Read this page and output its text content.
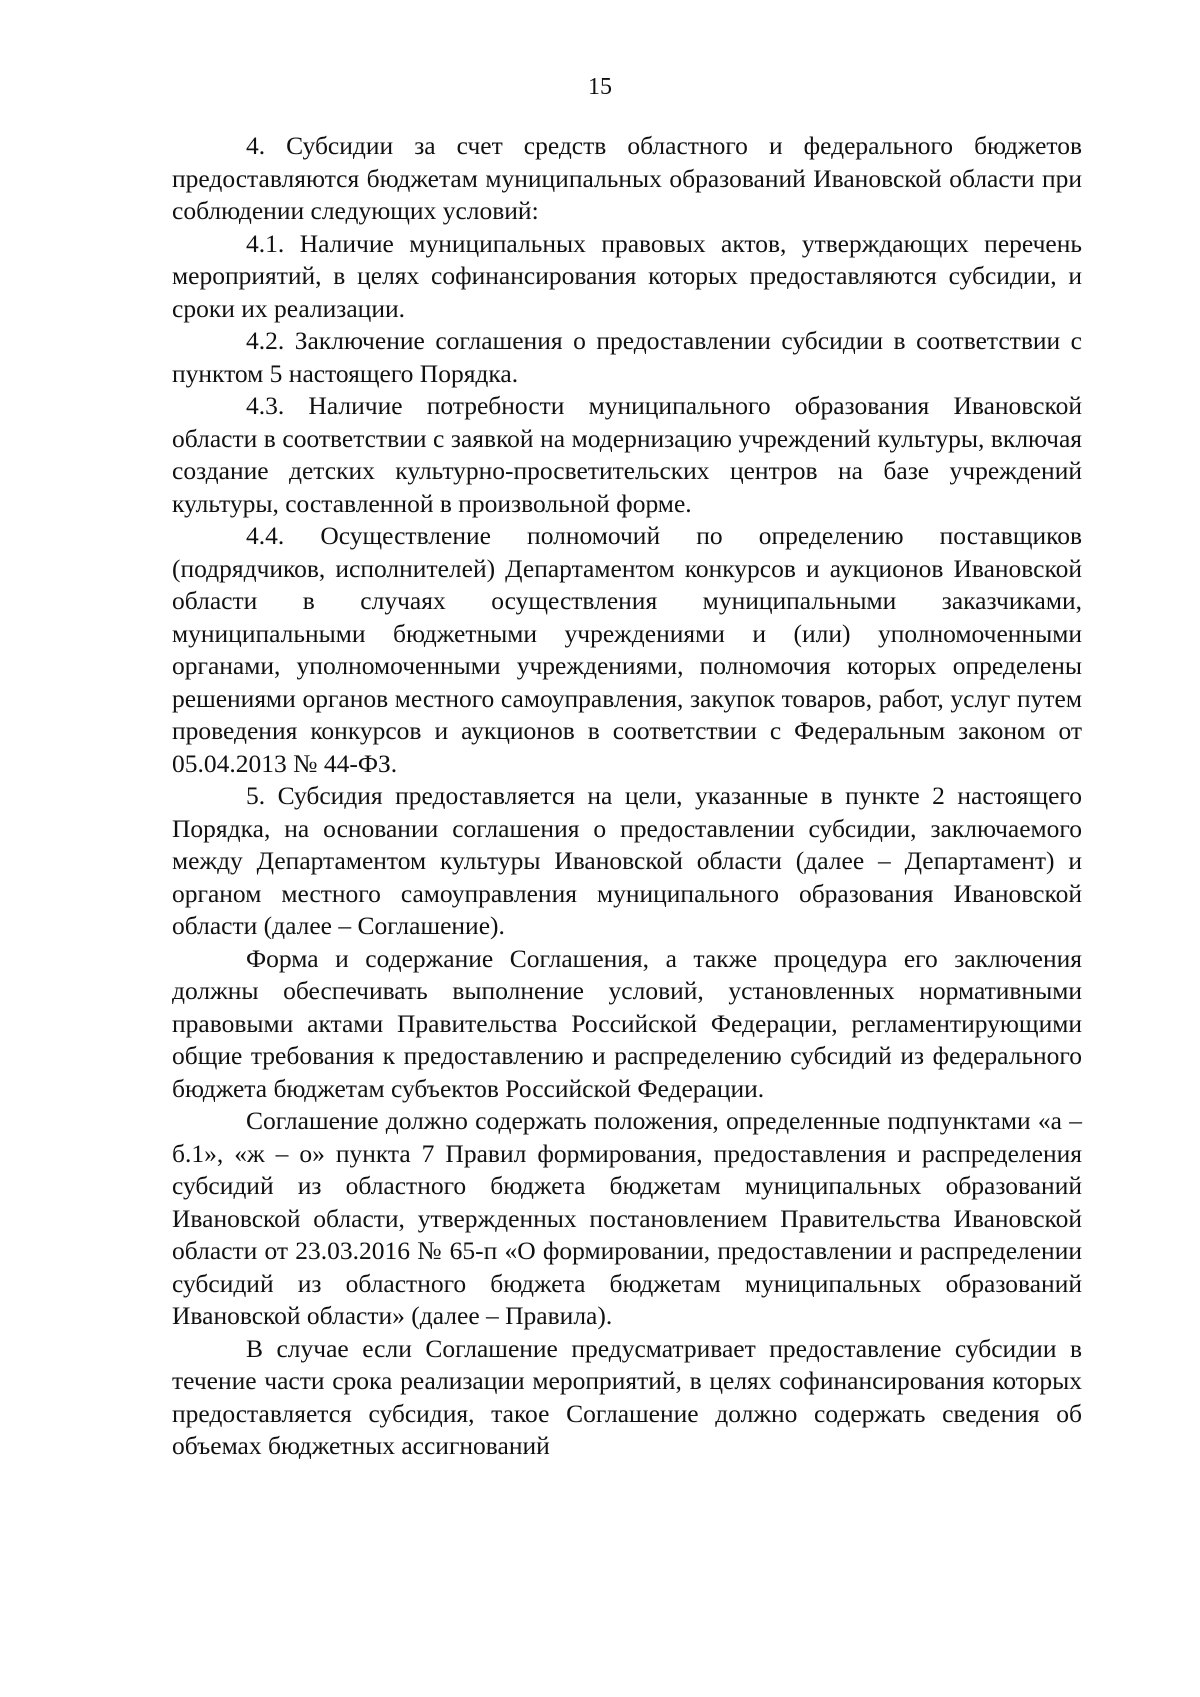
15

4. Субсидии за счет средств областного и федерального бюджетов предоставляются бюджетам муниципальных образований Ивановской области при соблюдении следующих условий:

4.1. Наличие муниципальных правовых актов, утверждающих перечень мероприятий, в целях софинансирования которых предоставляются субсидии, и сроки их реализации.

4.2. Заключение соглашения о предоставлении субсидии в соответствии с пунктом 5 настоящего Порядка.

4.3. Наличие потребности муниципального образования Ивановской области в соответствии с заявкой на модернизацию учреждений культуры, включая создание детских культурно-просветительских центров на базе учреждений культуры, составленной в произвольной форме.

4.4. Осуществление полномочий по определению поставщиков (подрядчиков, исполнителей) Департаментом конкурсов и аукционов Ивановской области в случаях осуществления муниципальными заказчиками, муниципальными бюджетными учреждениями и (или) уполномоченными органами, уполномоченными учреждениями, полномочия которых определены решениями органов местного самоуправления, закупок товаров, работ, услуг путем проведения конкурсов и аукционов в соответствии с Федеральным законом от 05.04.2013 № 44-ФЗ.

5. Субсидия предоставляется на цели, указанные в пункте 2 настоящего Порядка, на основании соглашения о предоставлении субсидии, заключаемого между Департаментом культуры Ивановской области (далее – Департамент) и органом местного самоуправления муниципального образования Ивановской области (далее – Соглашение).

Форма и содержание Соглашения, а также процедура его заключения должны обеспечивать выполнение условий, установленных нормативными правовыми актами Правительства Российской Федерации, регламентирующими общие требования к предоставлению и распределению субсидий из федерального бюджета бюджетам субъектов Российской Федерации.

Соглашение должно содержать положения, определенные подпунктами «а – б.1», «ж – о» пункта 7 Правил формирования, предоставления и распределения субсидий из областного бюджета бюджетам муниципальных образований Ивановской области, утвержденных постановлением Правительства Ивановской области от 23.03.2016 № 65-п «О формировании, предоставлении и распределении субсидий из областного бюджета бюджетам муниципальных образований Ивановской области» (далее – Правила).

В случае если Соглашение предусматривает предоставление субсидии в течение части срока реализации мероприятий, в целях софинансирования которых предоставляется субсидия, такое Соглашение должно содержать сведения об объемах бюджетных ассигнований
